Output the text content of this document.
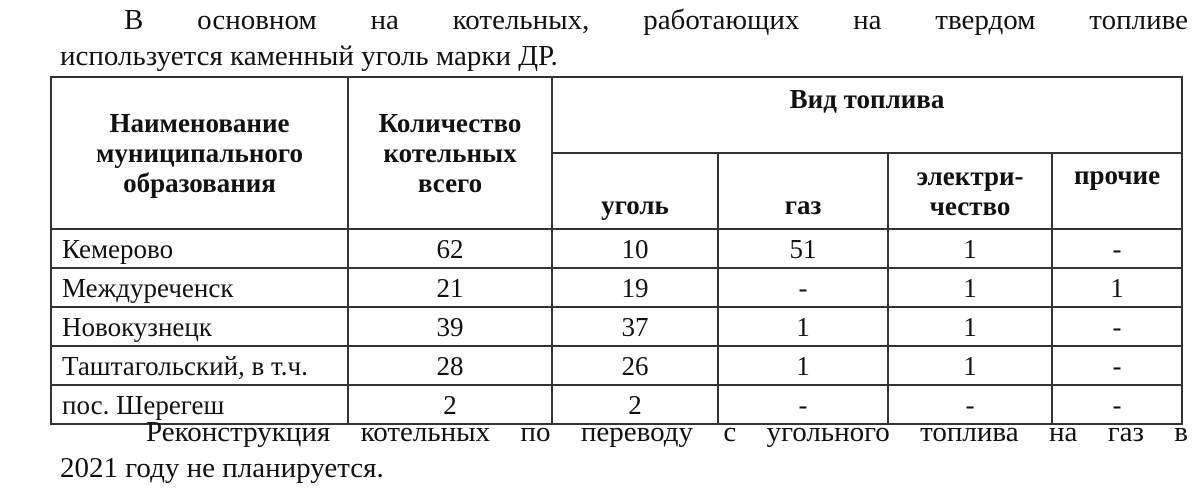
В основном на котельных, работающих на твердом топливе
используется каменный уголь марки ДР.
Наименование муниципального образования	Количество котельных всего	Вид топлива			
		уголь	газ	электри-чество	прочие
Кемерово	62	10	51	1	-
Междуреченск	21	19	-	1	1
Новокузнецк	39	37	1	1	-
Таштагольский, в т.ч.	28	26	1	1	-
пос. Шерегеш	2	2	-	-	-
Реконструкция котельных по переводу с угольного топлива на газ в
2021 году не планируется.
